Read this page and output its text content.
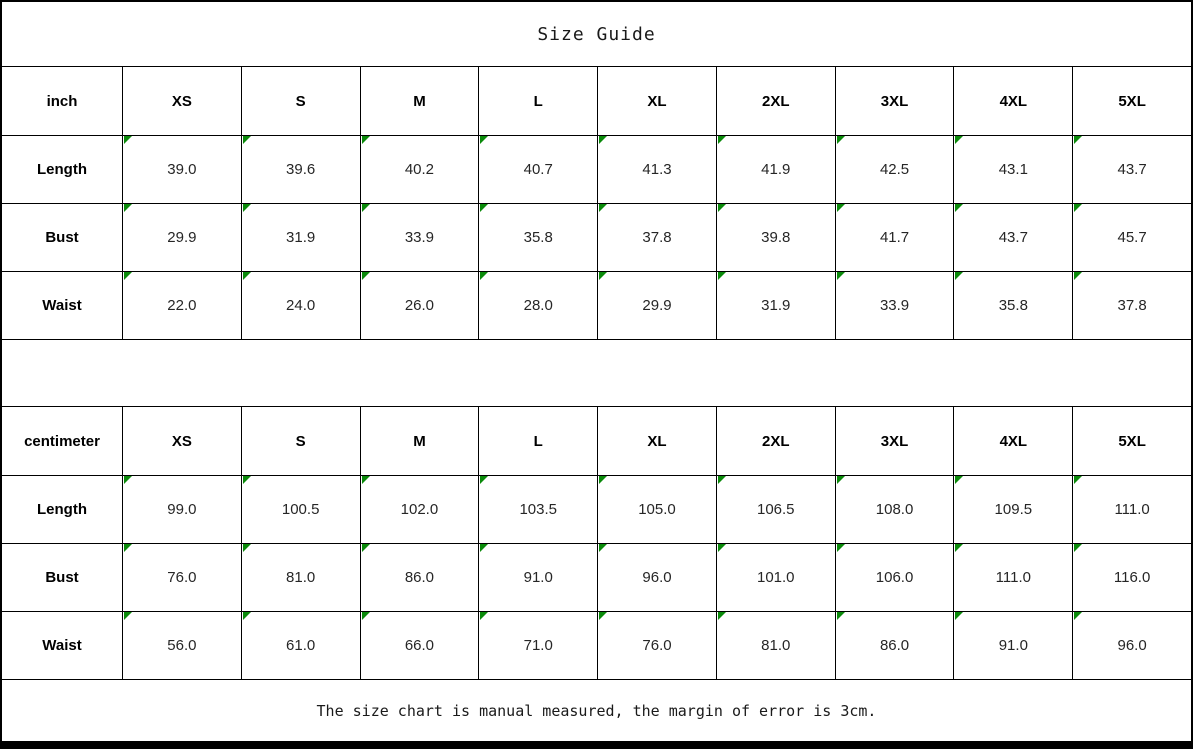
Size Guide
inch	XS	S	M	L	XL	2XL	3XL	4XL	5XL
Length	39.0	39.6	40.2	40.7	41.3	41.9	42.5	43.1	43.7
Bust	29.9	31.9	33.9	35.8	37.8	39.8	41.7	43.7	45.7
Waist	22.0	24.0	26.0	28.0	29.9	31.9	33.9	35.8	37.8
centimeter	XS	S	M	L	XL	2XL	3XL	4XL	5XL
Length	99.0	100.5	102.0	103.5	105.0	106.5	108.0	109.5	111.0
Bust	76.0	81.0	86.0	91.0	96.0	101.0	106.0	111.0	116.0
Waist	56.0	61.0	66.0	71.0	76.0	81.0	86.0	91.0	96.0
The size chart is manual measured, the margin of error is 3cm.
